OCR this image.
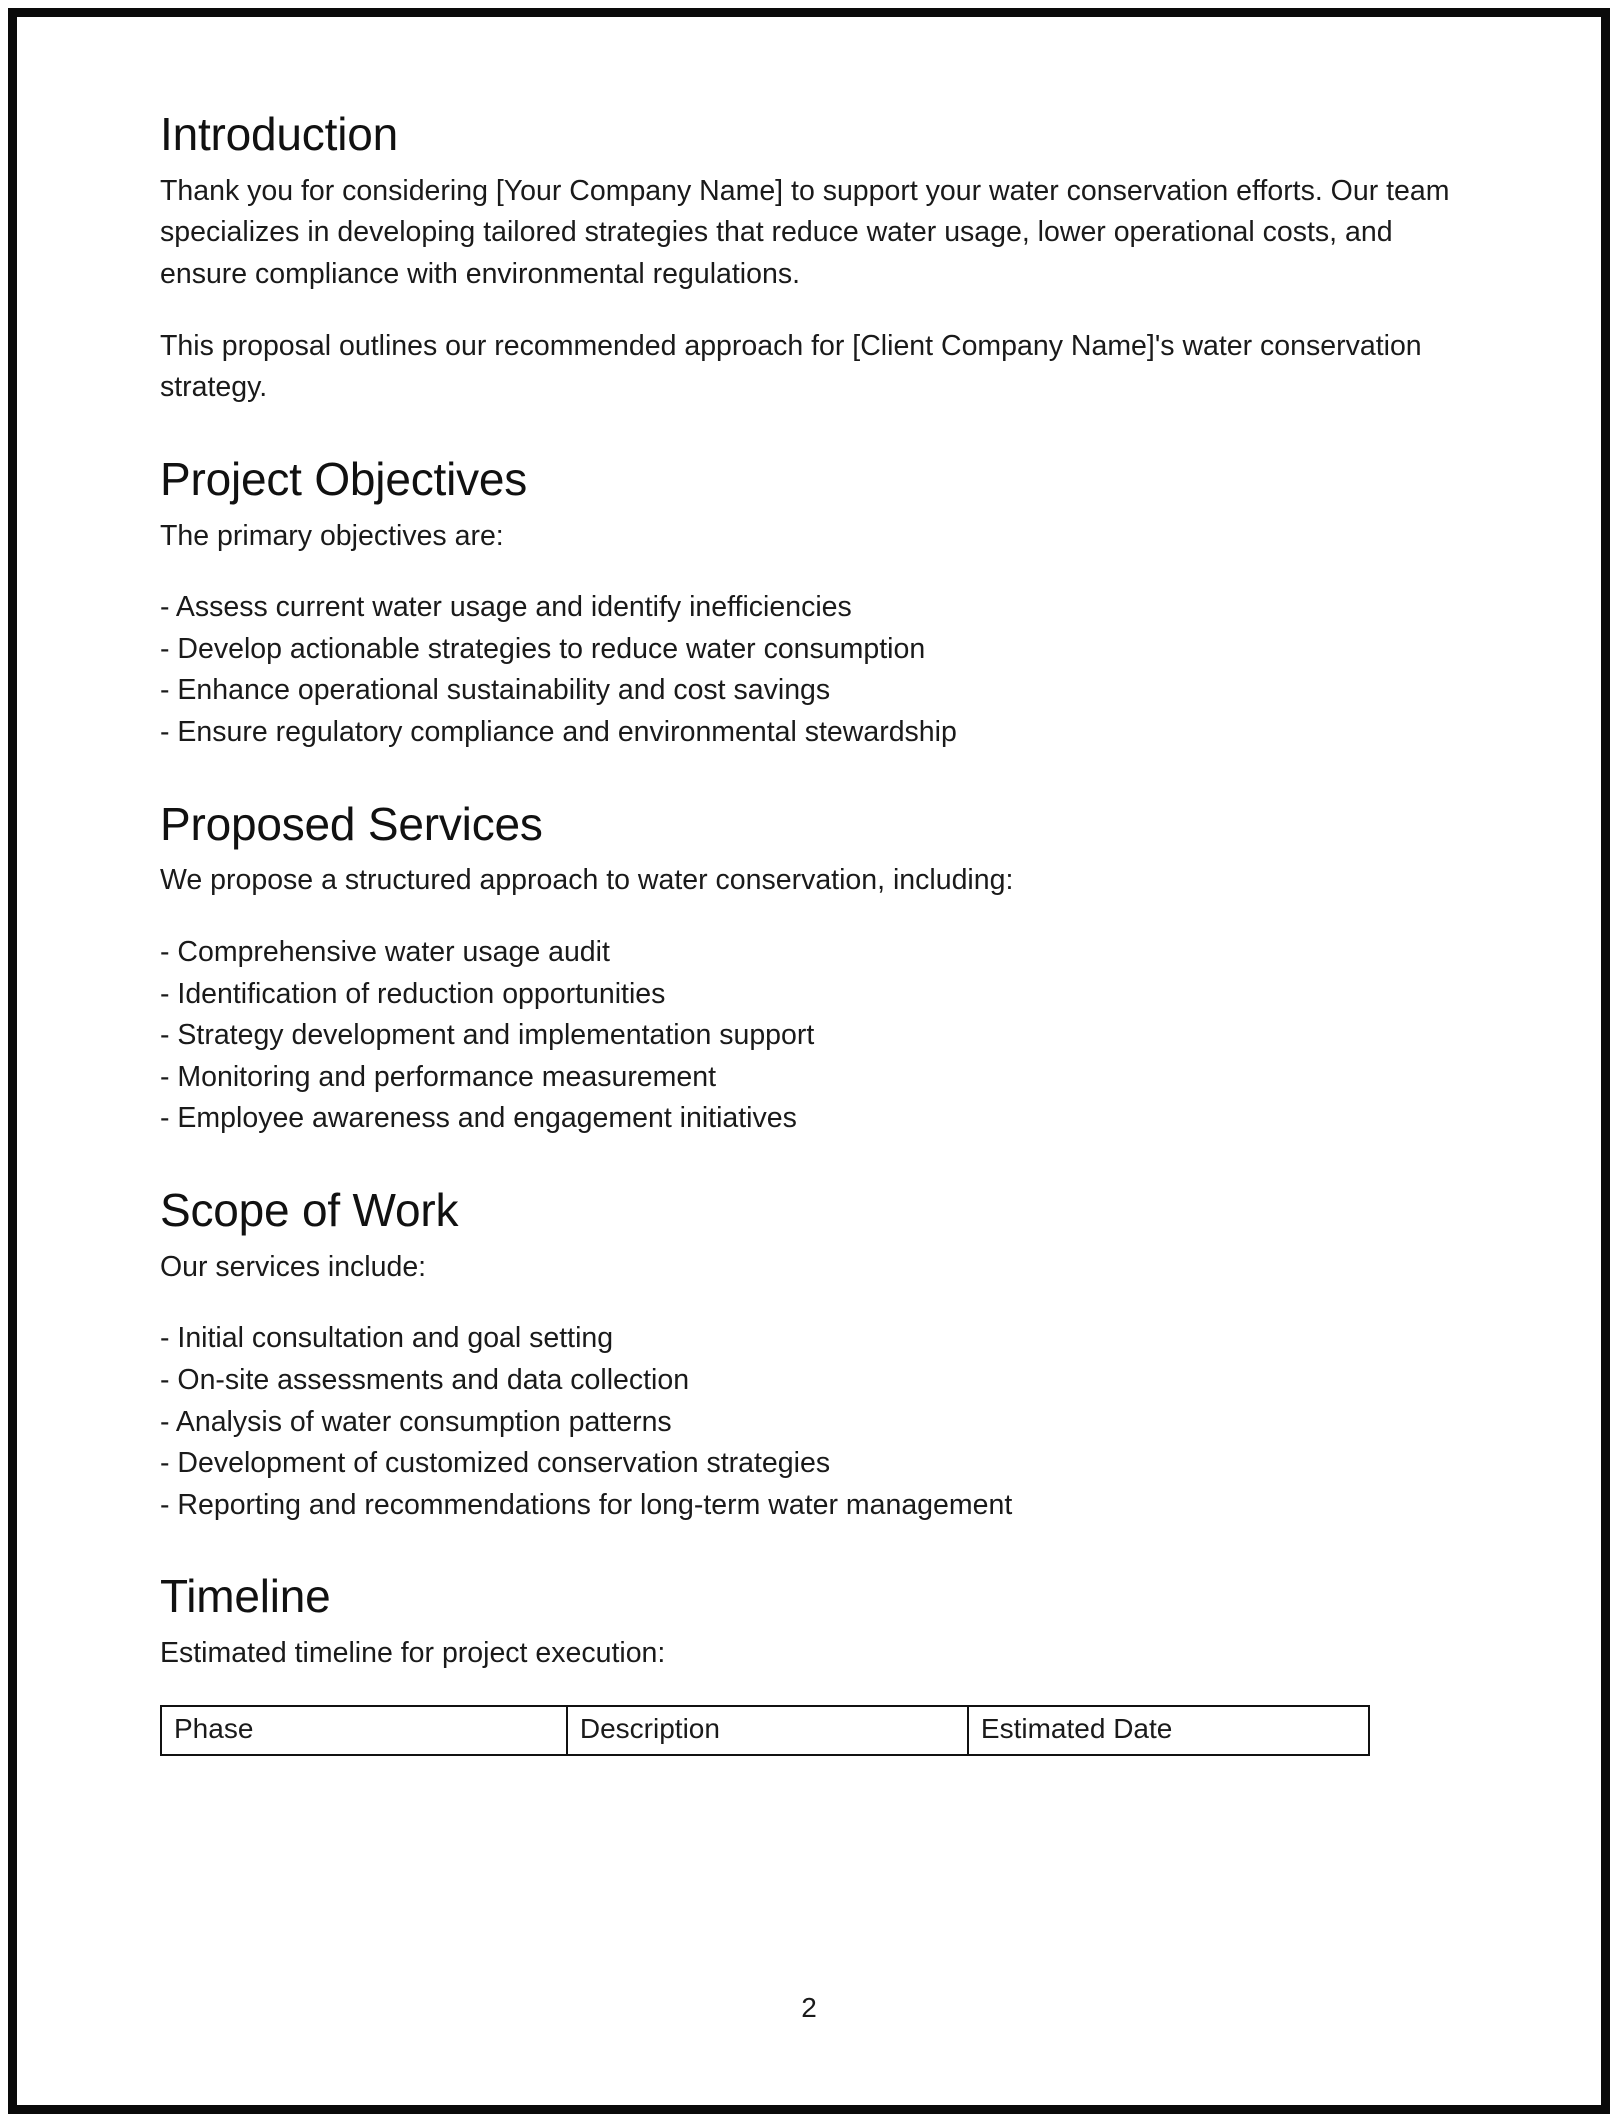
Introduction

Thank you for considering [Your Company Name] to support your water conservation efforts. Our team specializes in developing tailored strategies that reduce water usage, lower operational costs, and ensure compliance with environmental regulations.

This proposal outlines our recommended approach for [Client Company Name]'s water conservation strategy.

Project Objectives

The primary objectives are:

- Assess current water usage and identify inefficiencies
- Develop actionable strategies to reduce water consumption
- Enhance operational sustainability and cost savings
- Ensure regulatory compliance and environmental stewardship
Proposed Services

We propose a structured approach to water conservation, including:

- Comprehensive water usage audit
- Identification of reduction opportunities
- Strategy development and implementation support
- Monitoring and performance measurement
- Employee awareness and engagement initiatives
Scope of Work

Our services include:

- Initial consultation and goal setting
- On-site assessments and data collection
- Analysis of water consumption patterns
- Development of customized conservation strategies
- Reporting and recommendations for long-term water management
Timeline

Estimated timeline for project execution:

Phase	Description	Estimated Date
2
